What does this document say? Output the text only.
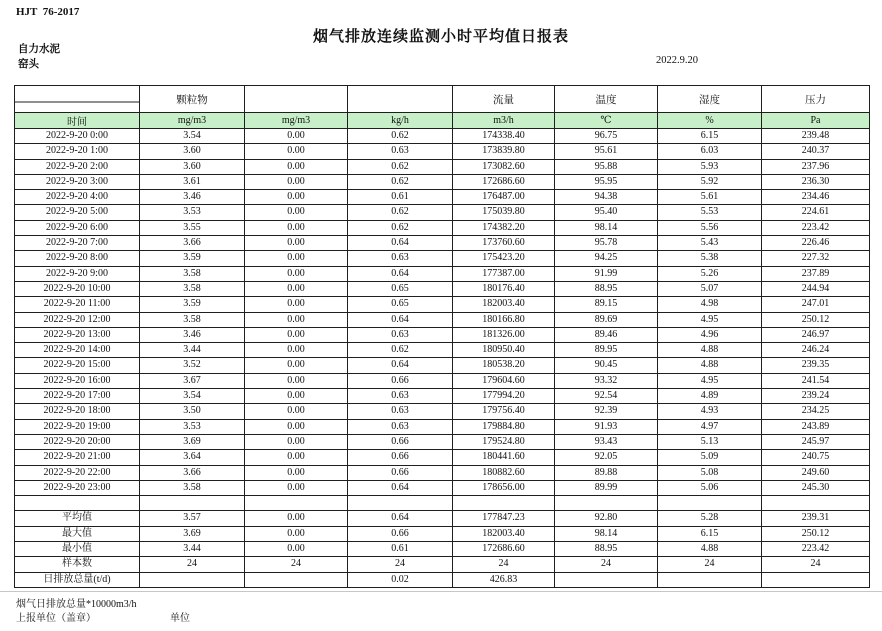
HJT  76-2017
烟气排放连续监测小时平均值日报表
自力水泥
窑头	2022.9.20
	颗粒物			流量	温度	湿度	压力
时间	mg/m3	mg/m3	kg/h	m3/h	℃	%	Pa
2022-9-20 0:00	3.54	0.00	0.62	174338.40	96.75	6.15	239.48
2022-9-20 1:00	3.60	0.00	0.63	173839.80	95.61	6.03	240.37
2022-9-20 2:00	3.60	0.00	0.62	173082.60	95.88	5.93	237.96
2022-9-20 3:00	3.61	0.00	0.62	172686.60	95.95	5.92	236.30
2022-9-20 4:00	3.46	0.00	0.61	176487.00	94.38	5.61	234.46
2022-9-20 5:00	3.53	0.00	0.62	175039.80	95.40	5.53	224.61
2022-9-20 6:00	3.55	0.00	0.62	174382.20	98.14	5.56	223.42
2022-9-20 7:00	3.66	0.00	0.64	173760.60	95.78	5.43	226.46
2022-9-20 8:00	3.59	0.00	0.63	175423.20	94.25	5.38	227.32
2022-9-20 9:00	3.58	0.00	0.64	177387.00	91.99	5.26	237.89
2022-9-20 10:00	3.58	0.00	0.65	180176.40	88.95	5.07	244.94
2022-9-20 11:00	3.59	0.00	0.65	182003.40	89.15	4.98	247.01
2022-9-20 12:00	3.58	0.00	0.64	180166.80	89.69	4.95	250.12
2022-9-20 13:00	3.46	0.00	0.63	181326.00	89.46	4.96	246.97
2022-9-20 14:00	3.44	0.00	0.62	180950.40	89.95	4.88	246.24
2022-9-20 15:00	3.52	0.00	0.64	180538.20	90.45	4.88	239.35
2022-9-20 16:00	3.67	0.00	0.66	179604.60	93.32	4.95	241.54
2022-9-20 17:00	3.54	0.00	0.63	177994.20	92.54	4.89	239.24
2022-9-20 18:00	3.50	0.00	0.63	179756.40	92.39	4.93	234.25
2022-9-20 19:00	3.53	0.00	0.63	179884.80	91.93	4.97	243.89
2022-9-20 20:00	3.69	0.00	0.66	179524.80	93.43	5.13	245.97
2022-9-20 21:00	3.64	0.00	0.66	180441.60	92.05	5.09	240.75
2022-9-20 22:00	3.66	0.00	0.66	180882.60	89.88	5.08	249.60
2022-9-20 23:00	3.58	0.00	0.64	178656.00	89.99	5.06	245.30

平均值	3.57	0.00	0.64	177847.23	92.80	5.28	239.31
最大值	3.69	0.00	0.66	182003.40	98.14	6.15	250.12
最小值	3.44	0.00	0.61	172686.60	88.95	4.88	223.42
样本数	24	24	24	24	24	24	24
日排放总量(t/d)			0.02	426.83			
烟气日排放总量*10000m3/h
上报单位（盖章）	单位
